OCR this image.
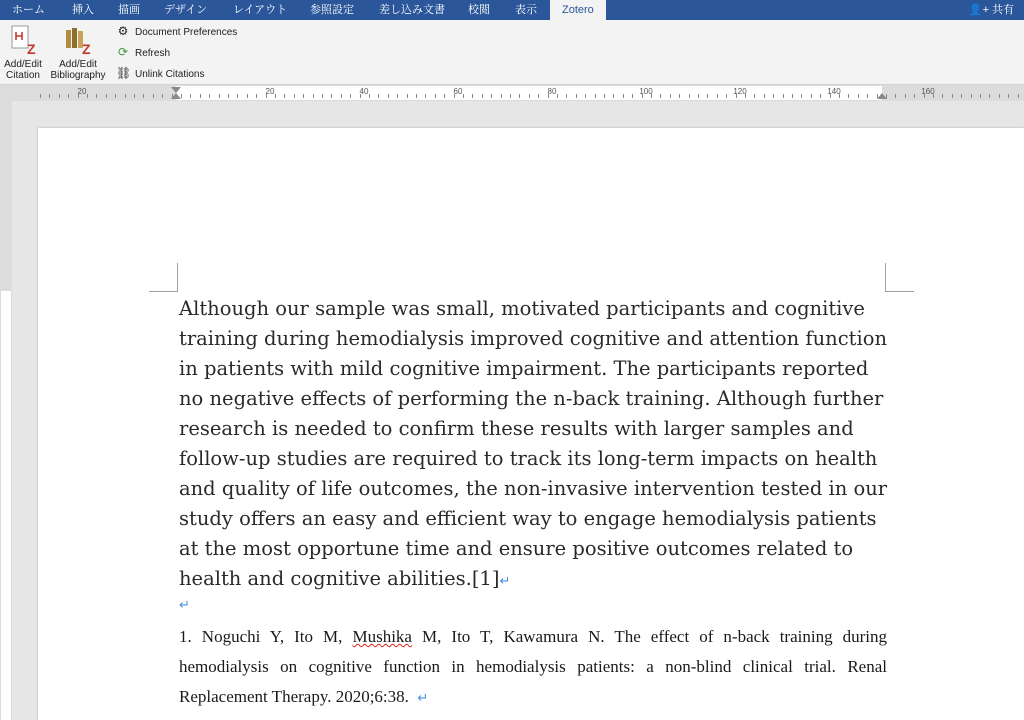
ホーム 挿入 描画 デザイン レイアウト 参照設定 差し込み文書 校閲 表示	Zotero	👤+ 共有
Z
Add/Edit
Citation
Z
Add/Edit
Bibliography
⚙ Document Preferences
⟳ Refresh
⛓ Unlink Citations
20	20	40	60	80	100	120	140	160
Although our sample was small, motivated participants and cognitive training during hemodialysis improved cognitive and attention function in patients with mild cognitive impairment. The participants reported no negative effects of performing the n-back training. Although further research is needed to confirm these results with larger samples and follow-up studies are required to track its long-term impacts on health and quality of life outcomes, the non-invasive intervention tested in our study offers an easy and efficient way to engage hemodialysis patients at the most opportune time and ensure positive outcomes related to health and cognitive abilities.[1]↵
↵
1. Noguchi Y, Ito M, Mushika M, Ito T, Kawamura N. The effect of n-back training during hemodialysis on cognitive function in hemodialysis patients: a non-blind clinical trial. Renal Replacement Therapy. 2020;6:38. ↵
